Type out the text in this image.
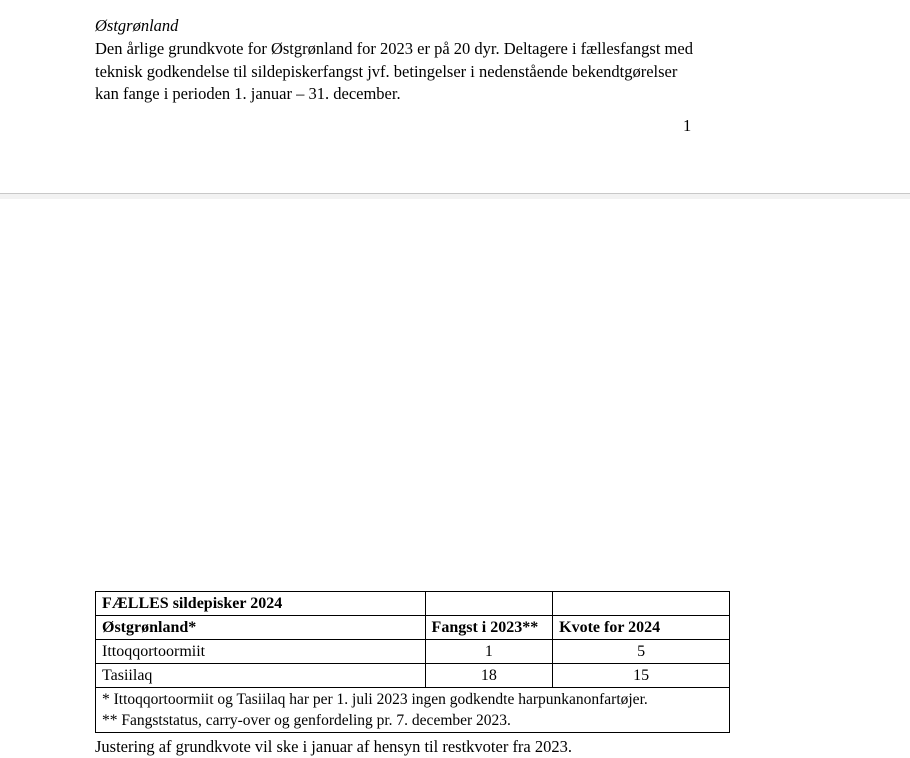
Østgrønland
Den årlige grundkvote for Østgrønland for 2023 er på 20 dyr. Deltagere i fællesfangst med teknisk godkendelse til sildepiskerfangst jvf. betingelser i nedenstående bekendtgørelser kan fange i perioden 1. januar – 31. december.
1
FÆLLES sildepisker 2024		
Østgrønland*	Fangst i 2023**	Kvote for 2024
Ittoqqortoormiit	1	5
Tasiilaq	18	15

* Ittoqqortoormiit og Tasiilaq har per 1. juli 2023 ingen godkendte harpunkanonfartøjer.
** Fangststatus, carry-over og genfordeling pr. 7. december 2023.		
Justering af grundkvote vil ske i januar af hensyn til restkvoter fra 2023.
